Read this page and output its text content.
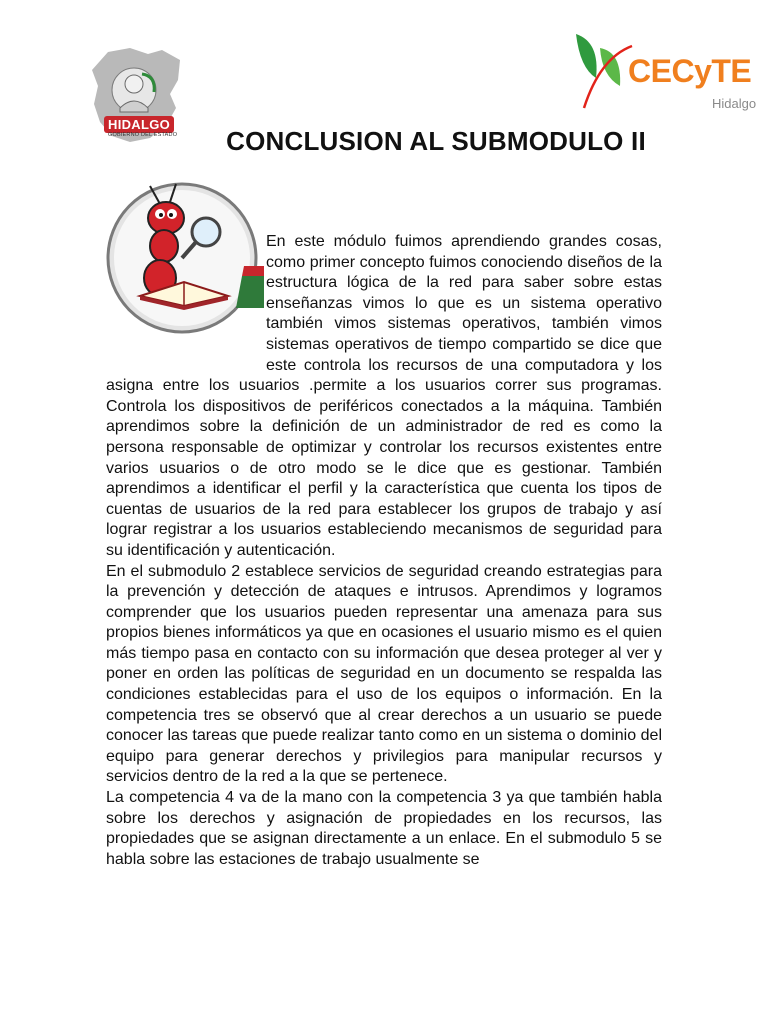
HIDALGO
GOBIERNO DEL ESTADO
CECyTE
Hidalgo
CONCLUSION AL SUBMODULO II

En este módulo fuimos aprendiendo grandes cosas, como primer concepto fuimos conociendo diseños de la estructura lógica de la red para saber sobre estas enseñanzas vimos lo que es un sistema operativo también vimos sistemas operativos, también vimos sistemas operativos de tiempo compartido se dice que este controla los recursos de una computadora y los asigna entre los usuarios .permite a los usuarios correr sus programas. Controla los dispositivos de periféricos conectados a la máquina. También aprendimos sobre la definición de un administrador de red es como la persona responsable de optimizar y controlar los recursos existentes entre varios usuarios o de otro modo se le dice que es gestionar. También aprendimos a identificar el perfil y la característica que cuenta los tipos de cuentas de usuarios de la red para establecer los grupos de trabajo y así lograr registrar a los usuarios estableciendo mecanismos de seguridad para su identificación y autenticación.

En el submodulo 2 establece servicios de seguridad creando estrategias para la prevención y detección de ataques e intrusos. Aprendimos y logramos comprender que los usuarios pueden representar una amenaza para sus propios bienes informáticos ya que en ocasiones el usuario mismo es el quien más tiempo pasa en contacto con su información que desea proteger al ver y poner en orden las políticas de seguridad en un documento se respalda las condiciones establecidas para el uso de los equipos o información. En la competencia tres se observó que al crear derechos a un usuario se puede conocer las tareas que puede realizar tanto como en un sistema o dominio del equipo para generar derechos y privilegios para manipular recursos y servicios dentro de la red a la que se pertenece.

La competencia 4 va de la mano con la competencia 3 ya que también habla sobre los derechos y asignación de propiedades en los recursos, las propiedades que se asignan directamente a un enlace. En el submodulo 5 se habla sobre las estaciones de trabajo usualmente se
